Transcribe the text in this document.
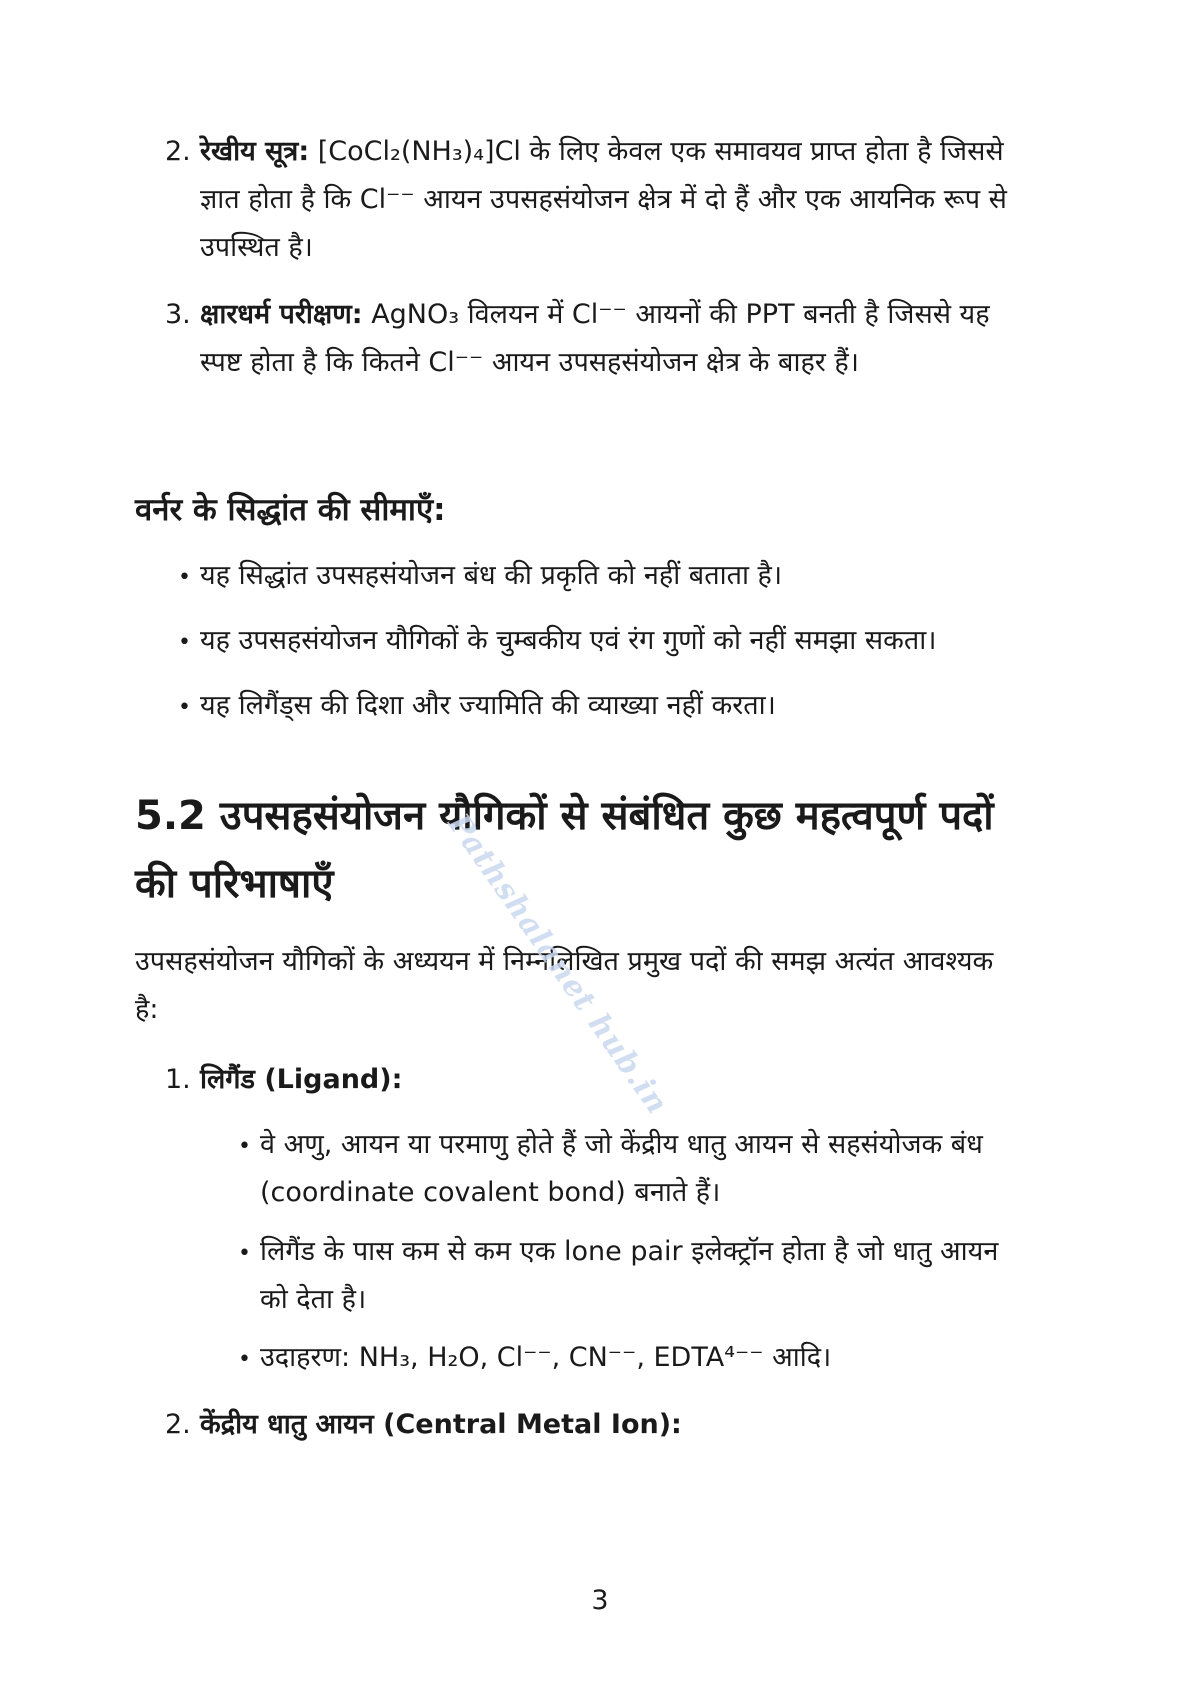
2. रेखीय सूत्र: [CoCl₂(NH₃)₄]Cl के लिए केवल एक समावयव प्राप्त होता है जिससे
ज्ञात होता है कि Cl⁻⁻ आयन उपसहसंयोजन क्षेत्र में दो हैं और एक आयनिक रूप से
उपस्थित है।
3. क्षारधर्म परीक्षण: AgNO₃ विलयन में Cl⁻⁻ आयनों की PPT बनती है जिससे यह
स्पष्ट होता है कि कितने Cl⁻⁻ आयन उपसहसंयोजन क्षेत्र के बाहर हैं।
वर्नर के सिद्धांत की सीमाएँ:
• यह सिद्धांत उपसहसंयोजन बंध की प्रकृति को नहीं बताता है।
• यह उपसहसंयोजन यौगिकों के चुम्बकीय एवं रंग गुणों को नहीं समझा सकता।
• यह लिगैंड्स की दिशा और ज्यामिति की व्याख्या नहीं करता।
5.2 उपसहसंयोजन यौगिकों से संबंधित कुछ महत्वपूर्ण पदों
की परिभाषाएँ
उपसहसंयोजन यौगिकों के अध्ययन में निम्नलिखित प्रमुख पदों की समझ अत्यंत आवश्यक
है:
1. लिगैंड (Ligand):
• वे अणु, आयन या परमाणु होते हैं जो केंद्रीय धातु आयन से सहसंयोजक बंध
(coordinate covalent bond) बनाते हैं।
• लिगैंड के पास कम से कम एक lone pair इलेक्ट्रॉन होता है जो धातु आयन
को देता है।
• उदाहरण: NH₃, H₂O, Cl⁻⁻, CN⁻⁻, EDTA⁴⁻⁻ आदि।
2. केंद्रीय धातु आयन (Central Metal Ion):
Pathshalanet hub.in
3
